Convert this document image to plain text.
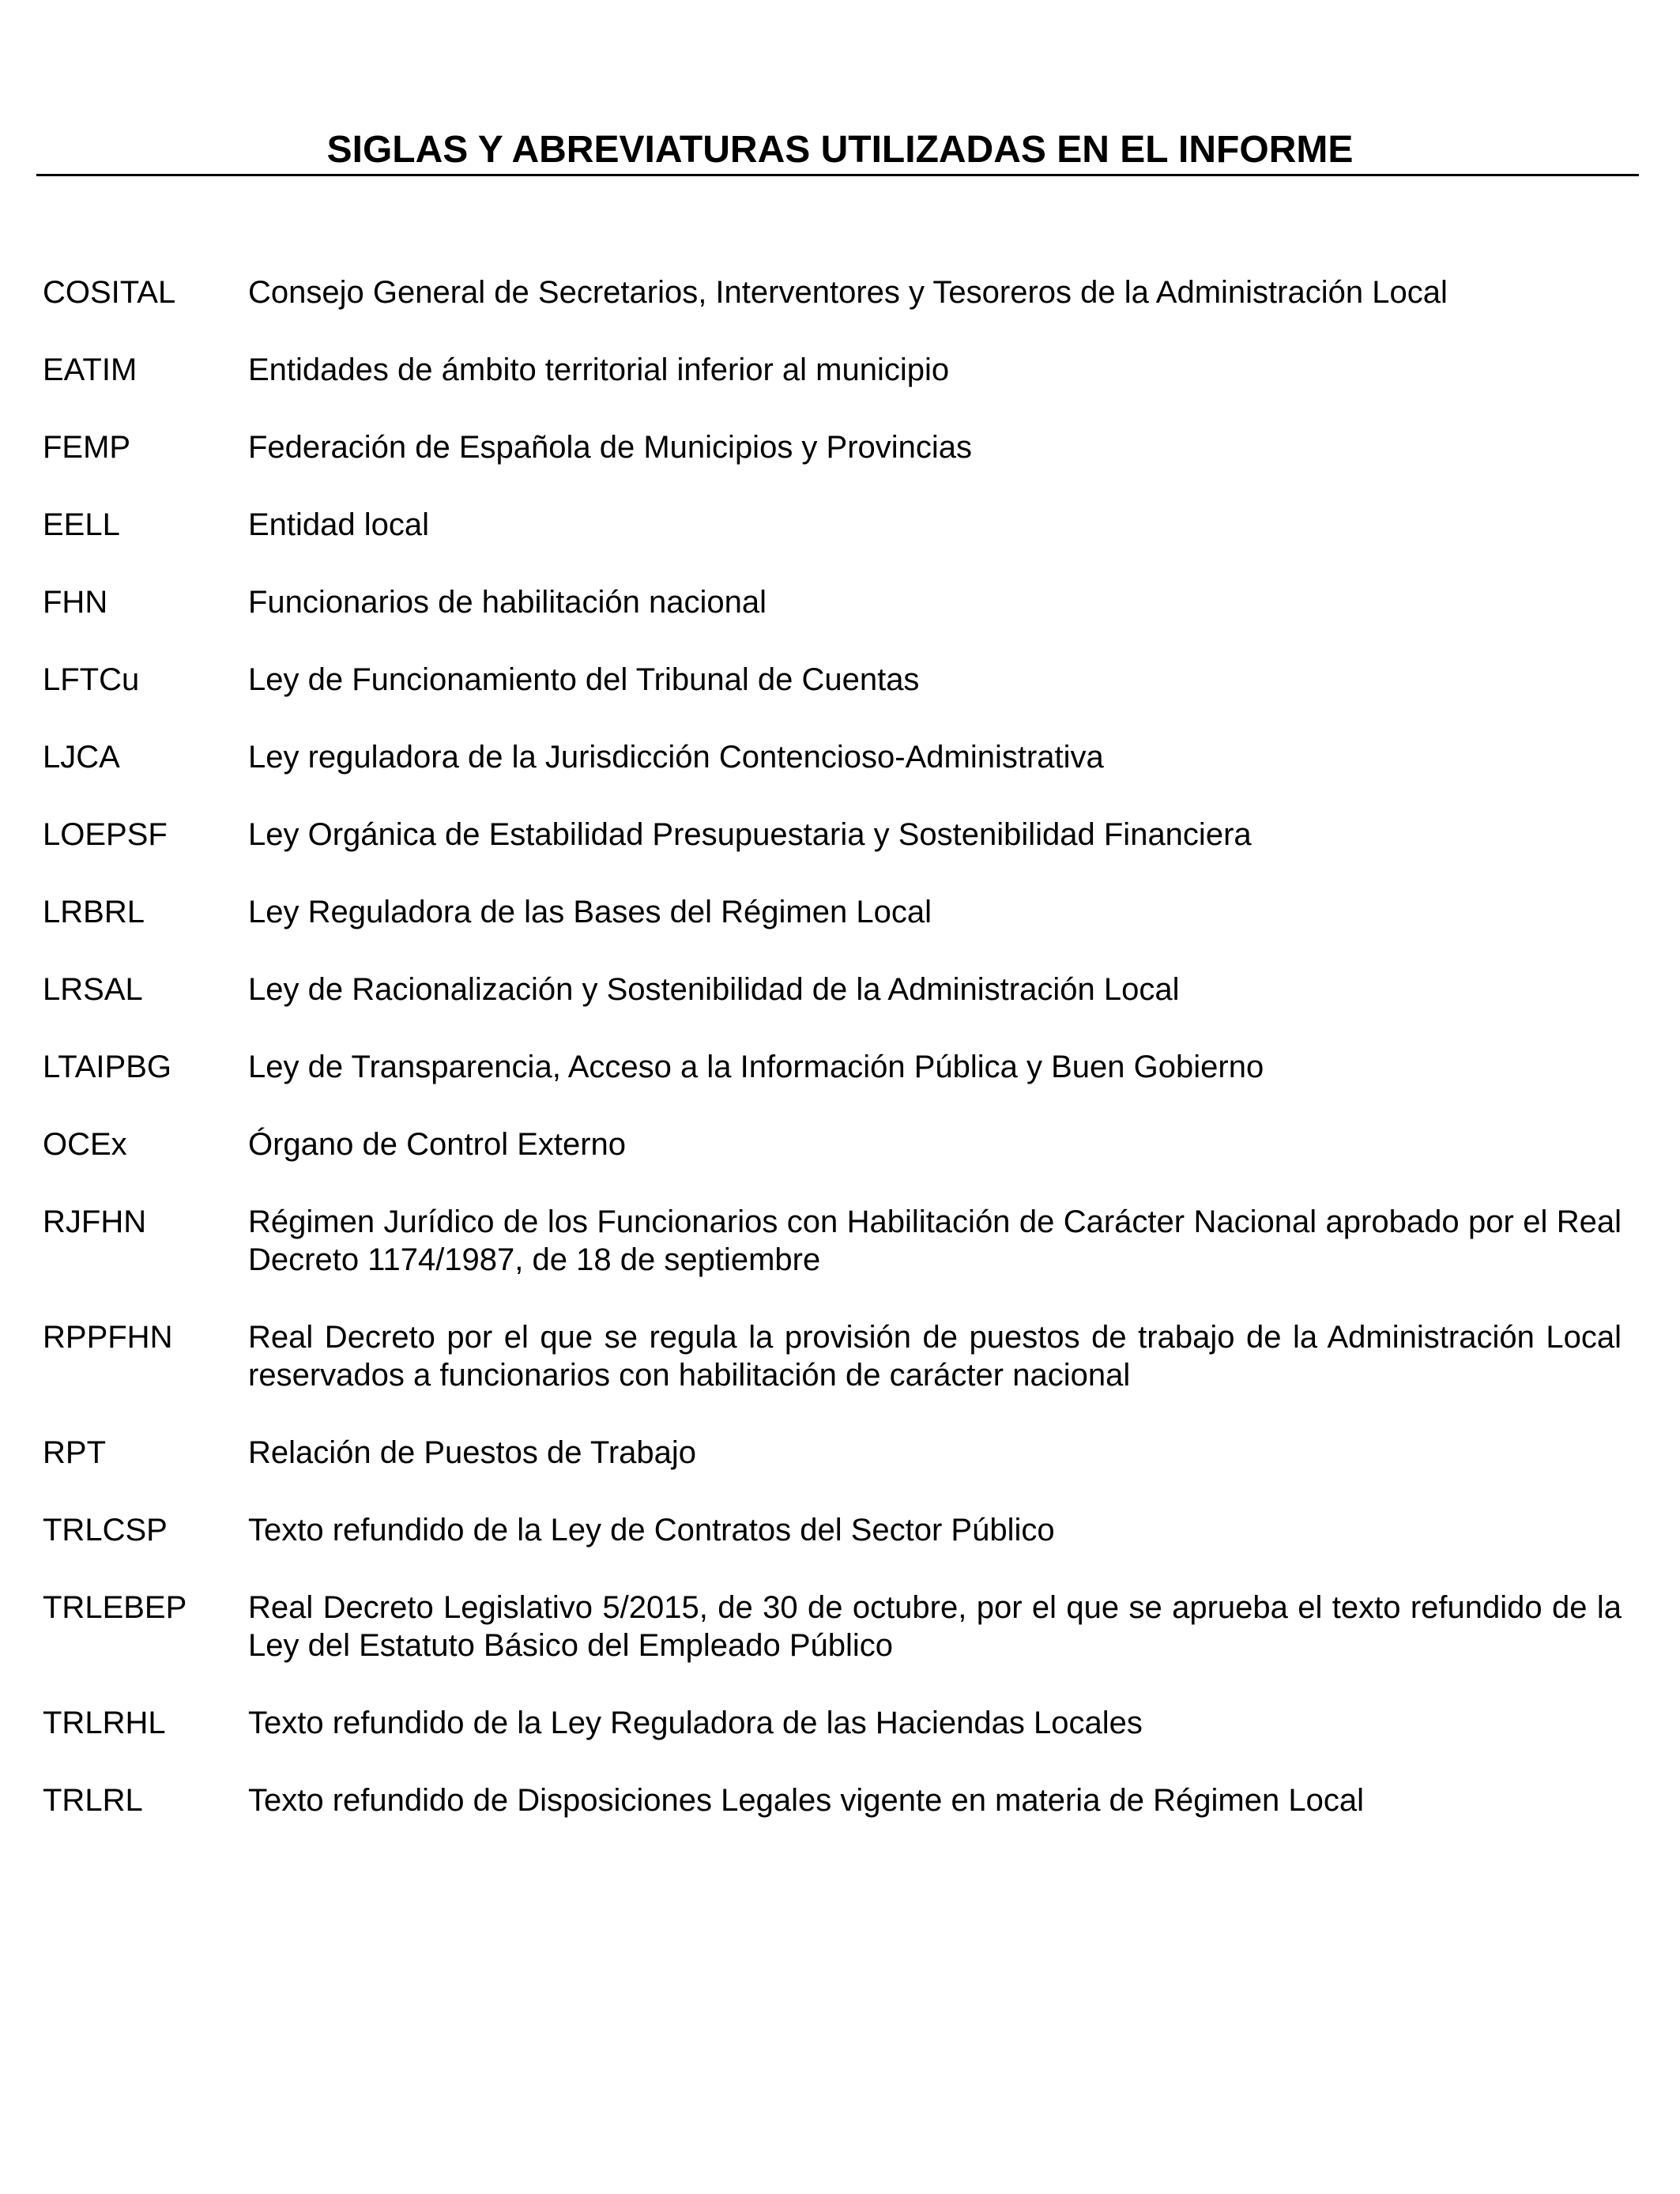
SIGLAS Y ABREVIATURAS UTILIZADAS EN EL INFORME
COSITAL	Consejo General de Secretarios, Interventores y Tesoreros de la Administración Local
EATIM	Entidades de ámbito territorial inferior al municipio
FEMP	Federación de Española de Municipios y Provincias
EELL	Entidad local
FHN	Funcionarios de habilitación nacional
LFTCu	Ley de Funcionamiento del Tribunal de Cuentas
LJCA	Ley reguladora de la Jurisdicción Contencioso-Administrativa
LOEPSF	Ley Orgánica de Estabilidad Presupuestaria y Sostenibilidad Financiera
LRBRL	Ley Reguladora de las Bases del Régimen Local
LRSAL	Ley de Racionalización y Sostenibilidad de la Administración Local
LTAIPBG	Ley de Transparencia, Acceso a la Información Pública y Buen Gobierno
OCEx	Órgano de Control Externo
RJFHN	Régimen Jurídico de los Funcionarios con Habilitación de Carácter Nacional aprobado por el Real Decreto 1174/1987, de 18 de septiembre
RPPFHN	Real Decreto por el que se regula la provisión de puestos de trabajo de la Administración Local reservados a funcionarios con habilitación de carácter nacional
RPT	Relación de Puestos de Trabajo
TRLCSP	Texto refundido de la Ley de Contratos del Sector Público
TRLEBEP	Real Decreto Legislativo 5/2015, de 30 de octubre, por el que se aprueba el texto refundido de la Ley del Estatuto Básico del Empleado Público
TRLRHL	Texto refundido de la Ley Reguladora de las Haciendas Locales
TRLRL	Texto refundido de Disposiciones Legales vigente en materia de Régimen Local
